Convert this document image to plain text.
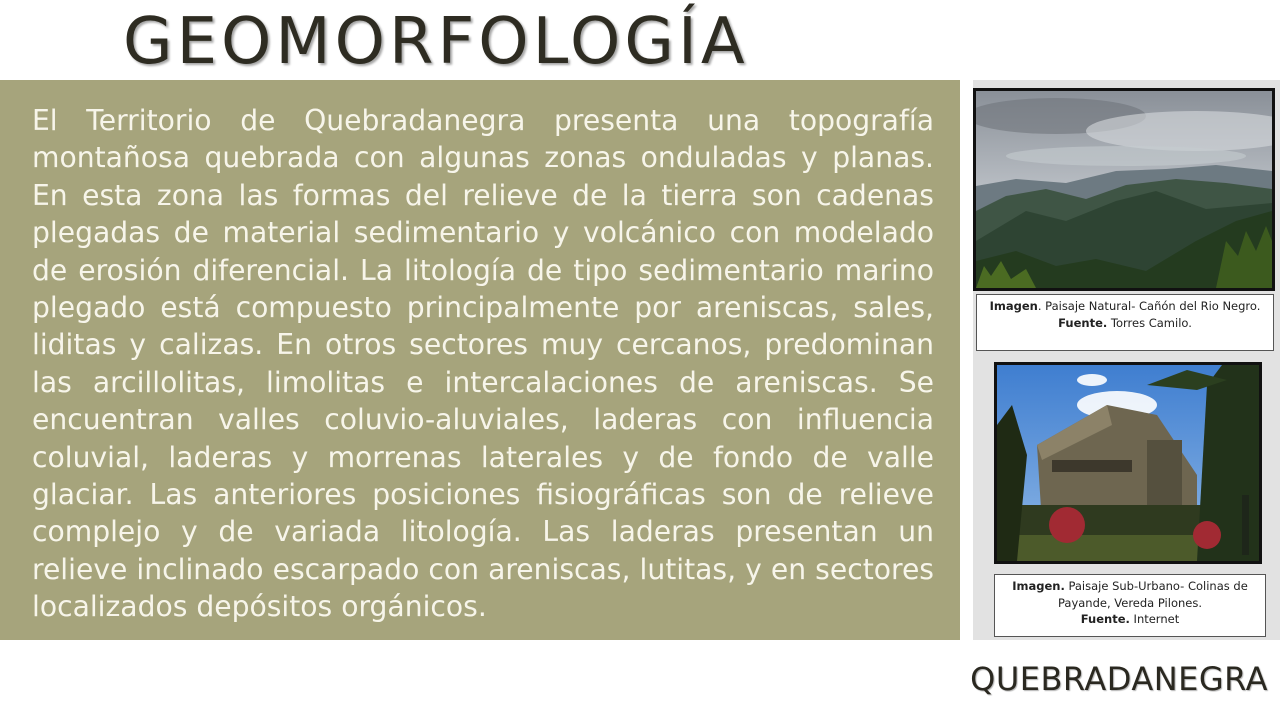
GEOMORFOLOGÍA

El Territorio de Quebradanegra presenta una topografía montañosa quebrada con algunas zonas onduladas y planas. En esta zona las formas del relieve de la tierra son cadenas plegadas de material sedimentario y volcánico con modelado de erosión diferencial. La litología de tipo sedimentario marino plegado está compuesto principalmente por areniscas, sales, liditas y calizas. En otros sectores muy cercanos, predominan las arcillolitas, limolitas e intercalaciones de areniscas. Se encuentran valles coluvio-aluviales, laderas con influencia coluvial, laderas y morrenas laterales y de fondo de valle glaciar. Las anteriores posiciones fisiográficas son de relieve complejo y de variada litología. Las laderas presentan un relieve inclinado escarpado con areniscas, lutitas, y en sectores localizados depósitos orgánicos.

Imagen. Paisaje Natural- Cañón del Rio Negro.
Fuente. Torres Camilo.
Imagen. Paisaje Sub-Urbano- Colinas de Payande, Vereda Pilones.
Fuente. Internet
QUEBRADANEGRA
